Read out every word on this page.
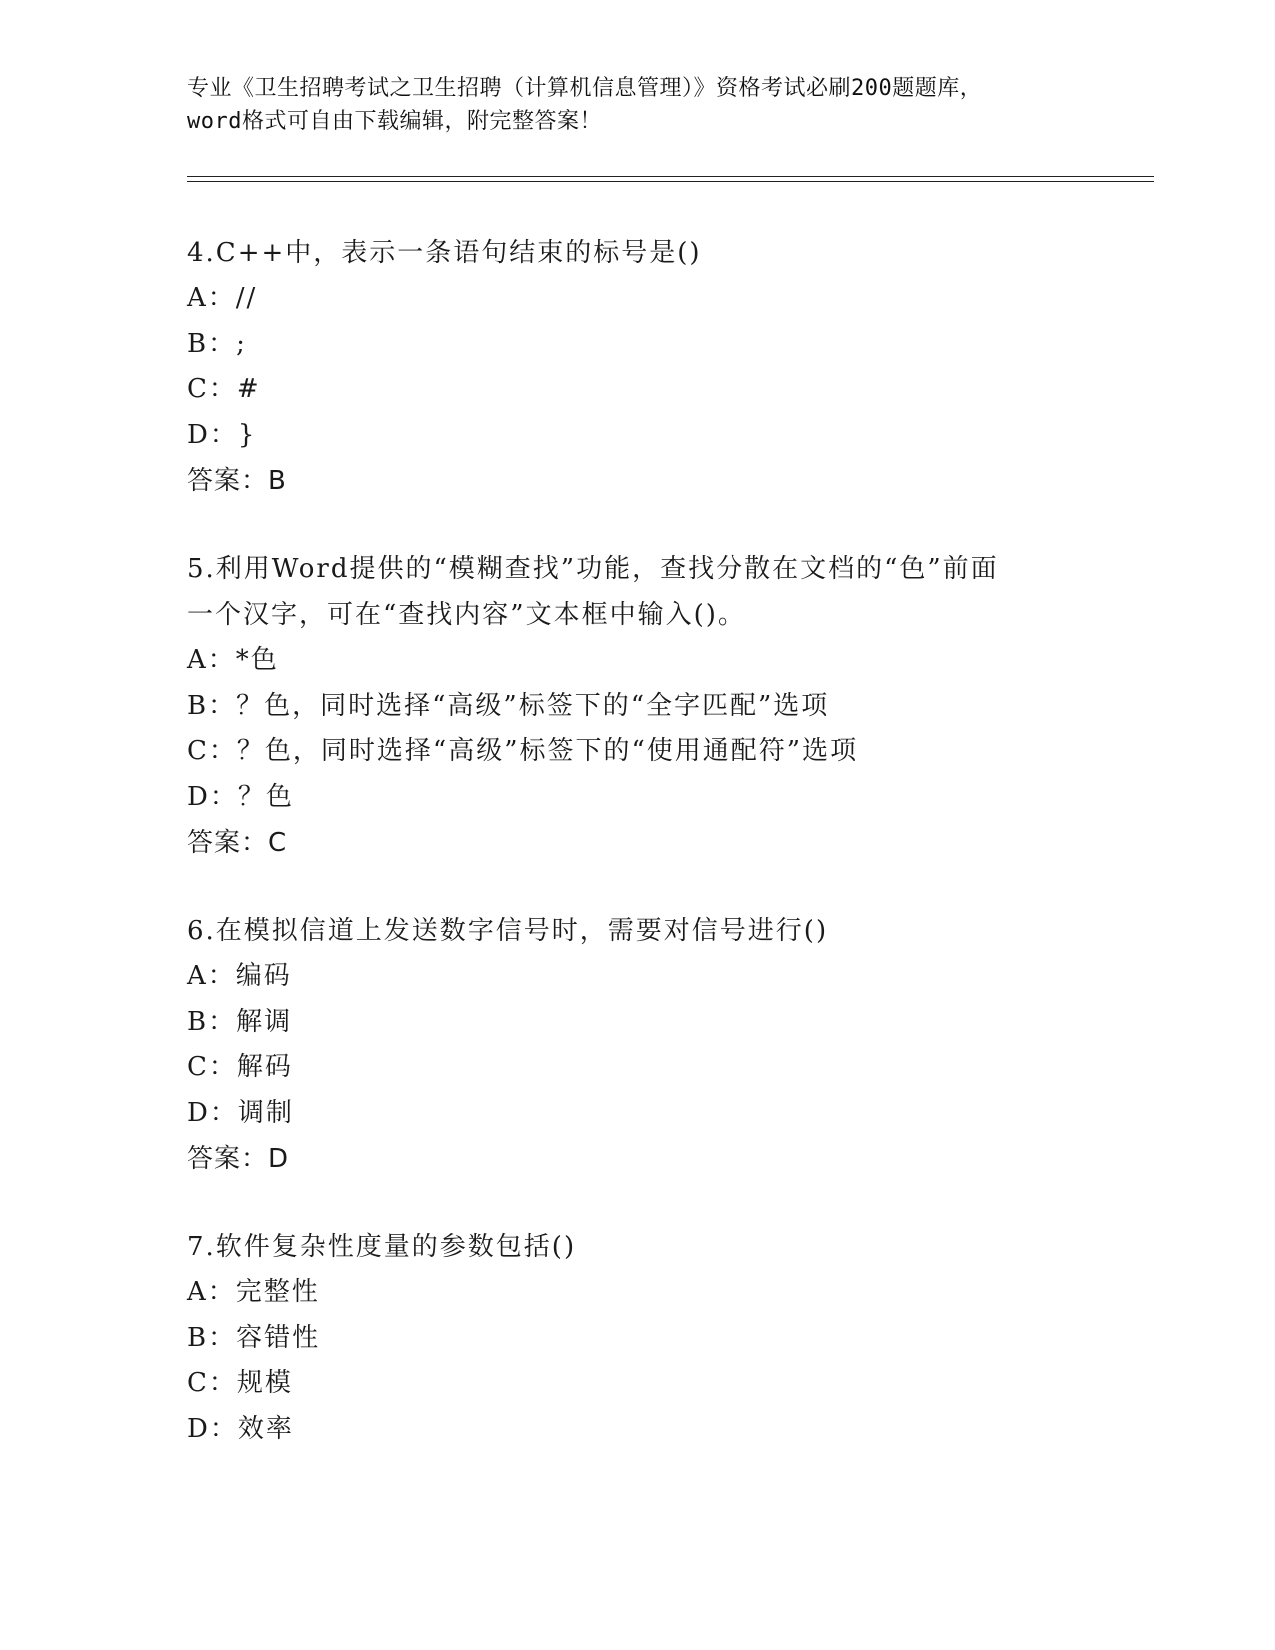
专业《卫生招聘考试之卫生招聘（计算机信息管理）》资格考试必刷200题题库，
word格式可自由下载编辑，附完整答案！

4.C++中，表示一条语句结束的标号是()

A：//

B：;

C：#

D：}

答案：B

5.利用Word提供的“模糊查找”功能，查找分散在文档的“色”前面

一个汉字，可在“查找内容”文本框中输入()。

A：*色

B：？色，同时选择“高级”标签下的“全字匹配”选项

C：？色，同时选择“高级”标签下的“使用通配符”选项

D：？色

答案：C

6.在模拟信道上发送数字信号时，需要对信号进行()

A：编码

B：解调

C：解码

D：调制

答案：D

7.软件复杂性度量的参数包括()

A：完整性

B：容错性

C：规模

D：效率
